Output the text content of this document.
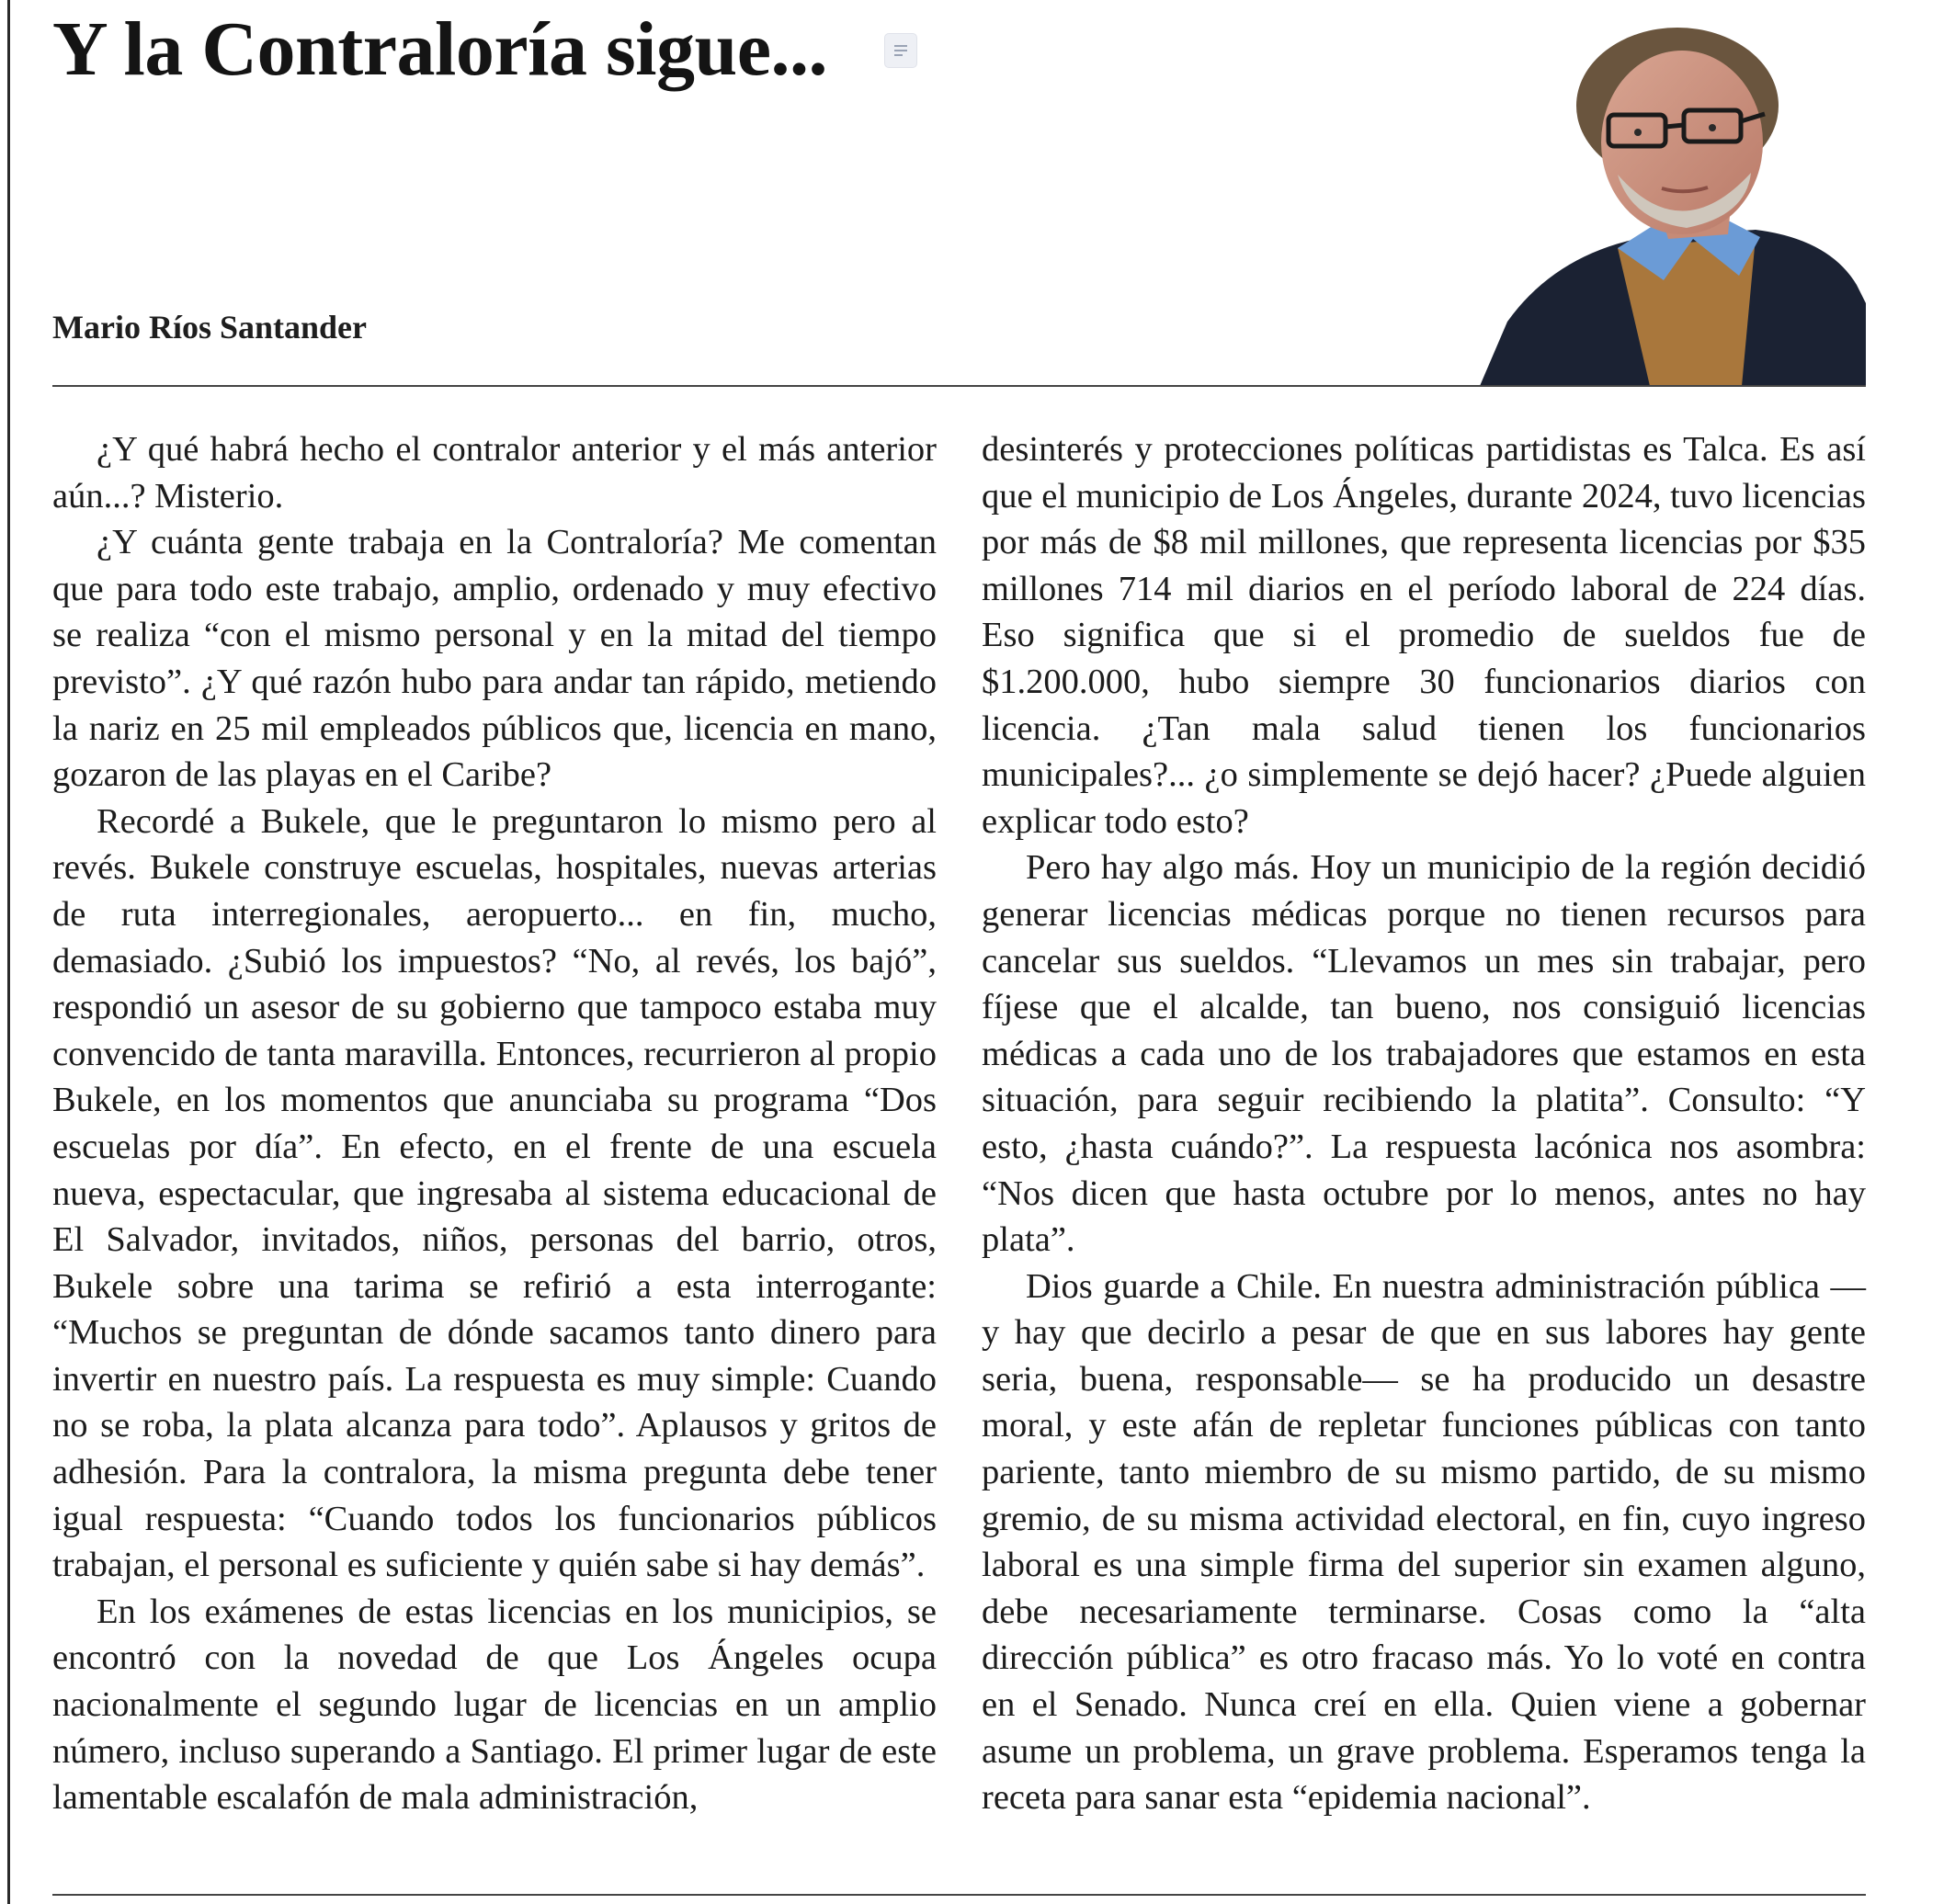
Y la Contraloría sigue...
Mario Ríos Santander

¿Y qué habrá hecho el contralor anterior y el más anterior aún...? Misterio.

¿Y cuánta gente trabaja en la Contraloría? Me comentan que para todo este trabajo, amplio, ordenado y muy efectivo se realiza “con el mismo personal y en la mitad del tiempo previsto”. ¿Y qué razón hubo para andar tan rápido, metiendo la nariz en 25 mil empleados públicos que, licencia en mano, gozaron de las playas en el Caribe?

Recordé a Bukele, que le preguntaron lo mismo pero al revés. Bukele construye escuelas, hospitales, nuevas arterias de ruta interregionales, aeropuerto... en fin, mucho, demasiado. ¿Subió los impuestos? “No, al revés, los bajó”, respondió un asesor de su gobierno que tampoco estaba muy convencido de tanta maravilla. Entonces, recurrieron al propio Bukele, en los momentos que anunciaba su programa “Dos escuelas por día”. En efecto, en el frente de una escuela nueva, espectacular, que ingresaba al sistema educacional de El Salvador, invitados, niños, personas del barrio, otros, Bukele sobre una tarima se refirió a esta interrogante: “Muchos se preguntan de dónde sacamos tanto dinero para invertir en nuestro país. La respuesta es muy simple: Cuando no se roba, la plata alcanza para todo”. Aplausos y gritos de adhesión. Para la contralora, la misma pregunta debe tener igual respuesta: “Cuando todos los funcionarios públicos trabajan, el personal es suficiente y quién sabe si hay demás”.

En los exámenes de estas licencias en los municipios, se encontró con la novedad de que Los Ángeles ocupa nacionalmente el segundo lugar de licencias en un amplio número, incluso superando a Santiago. El primer lugar de este lamentable escalafón de mala administración,

desinterés y protecciones políticas partidistas es Talca. Es así que el municipio de Los Ángeles, durante 2024, tuvo licencias por más de $8 mil millones, que representa licencias por $35 millones 714 mil diarios en el período laboral de 224 días. Eso significa que si el promedio de sueldos fue de $1.200.000, hubo siempre 30 funcionarios diarios con licencia. ¿Tan mala salud tienen los funcionarios municipales?... ¿o simplemente se dejó hacer? ¿Puede alguien explicar todo esto?

Pero hay algo más. Hoy un municipio de la región decidió generar licencias médicas porque no tienen recursos para cancelar sus sueldos. “Llevamos un mes sin trabajar, pero fíjese que el alcalde, tan bueno, nos consiguió licencias médicas a cada uno de los trabajadores que estamos en esta situación, para seguir recibiendo la platita”. Consulto: “Y esto, ¿hasta cuándo?”. La respuesta lacónica nos asombra: “Nos dicen que hasta octubre por lo menos, antes no hay plata”.

Dios guarde a Chile. En nuestra administración pública —y hay que decirlo a pesar de que en sus labores hay gente seria, buena, responsable— se ha producido un desastre moral, y este afán de repletar funciones públicas con tanto pariente, tanto miembro de su mismo partido, de su mismo gremio, de su misma actividad electoral, en fin, cuyo ingreso laboral es una simple firma del superior sin examen alguno, debe necesariamente terminarse. Cosas como la “alta dirección pública” es otro fracaso más. Yo lo voté en contra en el Senado. Nunca creí en ella. Quien viene a gobernar asume un problema, un grave problema. Esperamos tenga la receta para sanar esta “epidemia nacional”.
